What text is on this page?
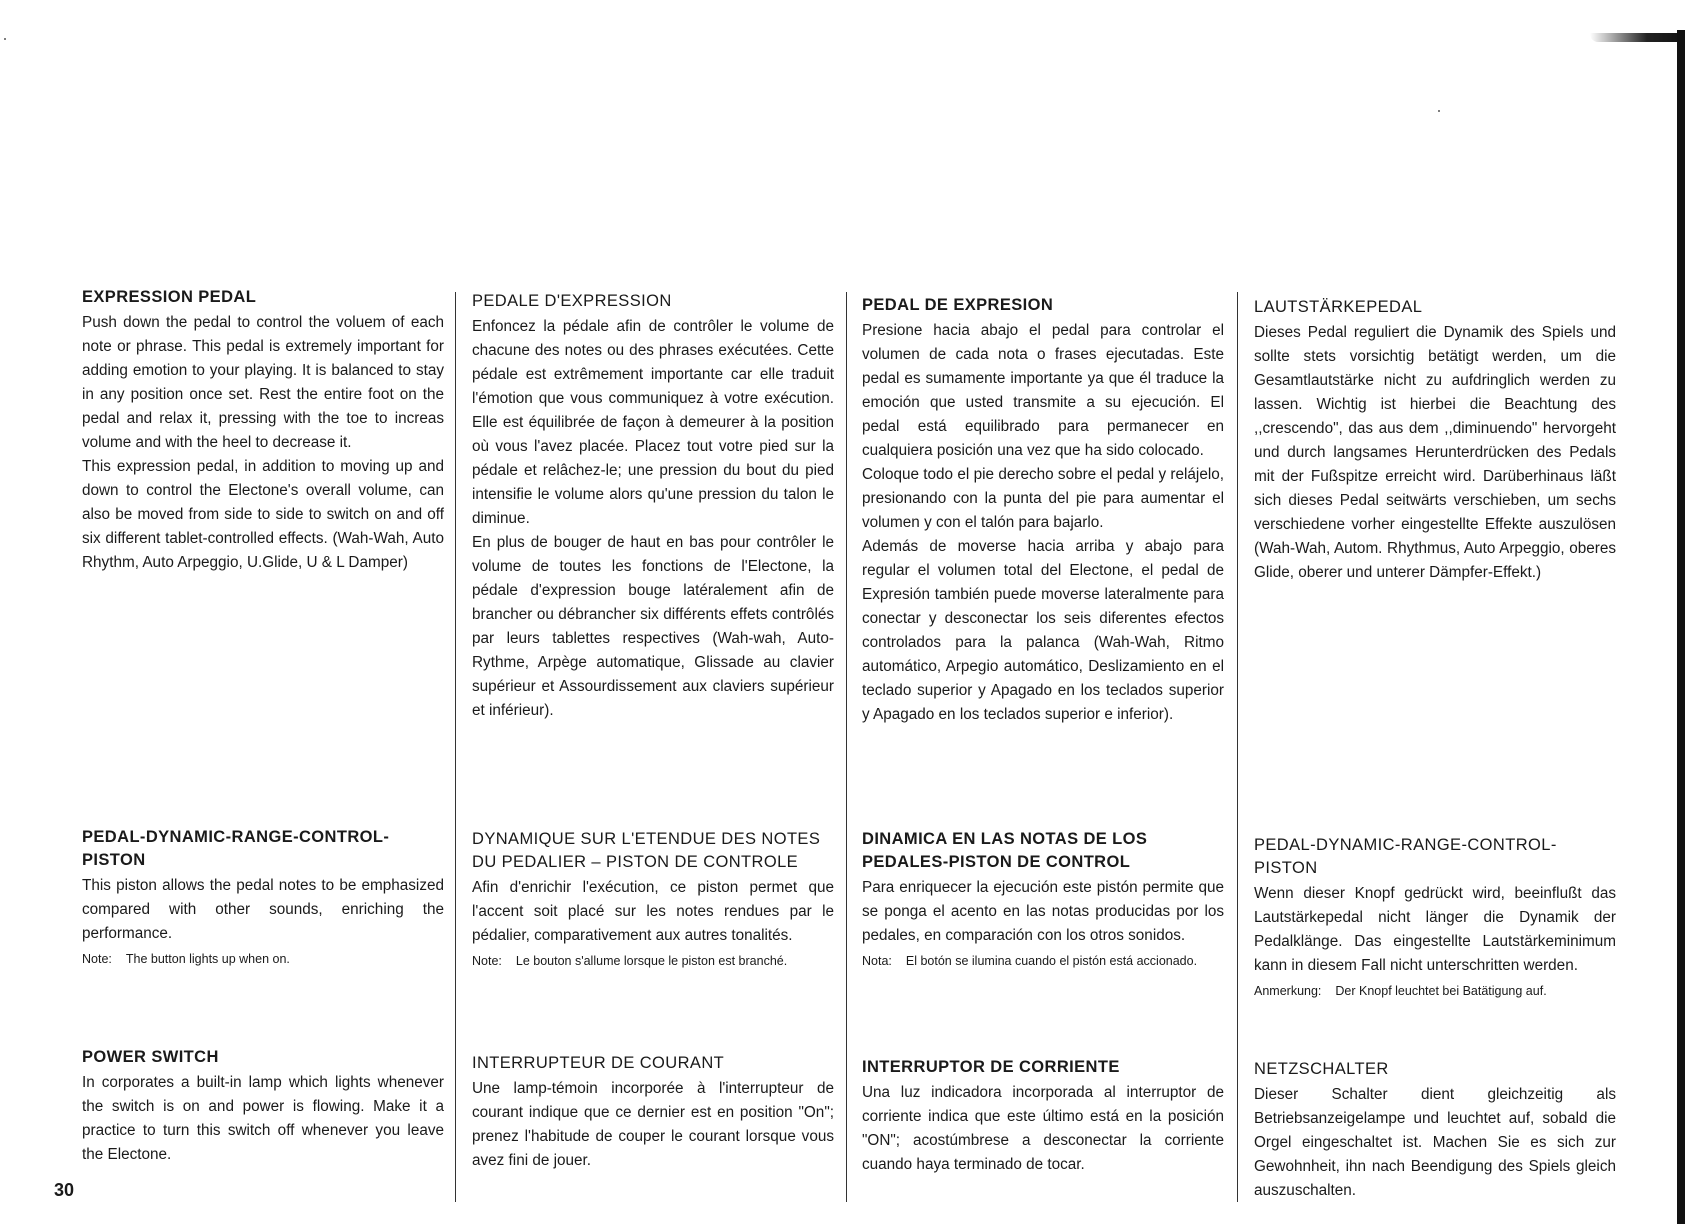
EXPRESSION PEDAL

Push down the pedal to control the voluem of each note or phrase. This pedal is extremely important for adding emotion to your playing. It is balanced to stay in any position once set. Rest the entire foot on the pedal and relax it, pressing with the toe to increas volume and with the heel to decrease it.

This expression pedal, in addition to moving up and down to control the Electone's overall volume, can also be moved from side to side to switch on and off six different tablet-controlled effects. (Wah-Wah, Auto Rhythm, Auto Arpeggio, U.Glide, U & L Damper)

PEDAL-DYNAMIC-RANGE-CONTROL-PISTON

This piston allows the pedal notes to be emphasized compared with other sounds, enriching the performance.

Note: The button lights up when on.
POWER SWITCH

In corporates a built-in lamp which lights whenever the switch is on and power is flowing. Make it a practice to turn this switch off whenever you leave the Electone.

PEDALE D'EXPRESSION

Enfoncez la pédale afin de contrôler le volume de chacune des notes ou des phrases exécutées. Cette pédale est extrêmement importante car elle traduit l'émotion que vous communiquez à votre exécution. Elle est équilibrée de façon à demeurer à la position où vous l'avez placée. Placez tout votre pied sur la pédale et relâchez-le; une pression du bout du pied intensifie le volume alors qu'une pression du talon le diminue.

En plus de bouger de haut en bas pour contrôler le volume de toutes les fonctions de l'Electone, la pédale d'expression bouge latéralement afin de brancher ou débrancher six différents effets contrôlés par leurs tablettes respectives (Wah-wah, Auto-Rythme, Arpège automatique, Glissade au clavier supérieur et Assourdissement aux claviers supérieur et inférieur).

DYNAMIQUE SUR L'ETENDUE DES NOTES DU PEDALIER – PISTON DE CONTROLE

Afin d'enrichir l'exécution, ce piston permet que l'accent soit placé sur les notes rendues par le pédalier, comparativement aux autres tonalités.

Note: Le bouton s'allume lorsque le piston est branché.
INTERRUPTEUR DE COURANT

Une lamp-témoin incorporée à l'interrupteur de courant indique que ce dernier est en position "On"; prenez l'habitude de couper le courant lorsque vous avez fini de jouer.

PEDAL DE EXPRESION

Presione hacia abajo el pedal para controlar el volumen de cada nota o frases ejecutadas. Este pedal es sumamente importante ya que él traduce la emoción que usted transmite a su ejecución. El pedal está equilibrado para permanecer en cualquiera posición una vez que ha sido colocado.

Coloque todo el pie derecho sobre el pedal y relájelo, presionando con la punta del pie para aumentar el volumen y con el talón para bajarlo.

Además de moverse hacia arriba y abajo para regular el volumen total del Electone, el pedal de Expresión también puede moverse lateralmente para conectar y desconectar los seis diferentes efectos controlados para la palanca (Wah-Wah, Ritmo automático, Arpegio automático, Deslizamiento en el teclado superior y Apagado en los teclados superior y Apagado en los teclados superior e inferior).

DINAMICA EN LAS NOTAS DE LOS PEDALES-PISTON DE CONTROL

Para enriquecer la ejecución este pistón permite que se ponga el acento en las notas producidas por los pedales, en comparación con los otros sonidos.

Nota: El botón se ilumina cuando el pistón está accionado.
INTERRUPTOR DE CORRIENTE

Una luz indicadora incorporada al interruptor de corriente indica que este último está en la posición "ON"; acostúmbrese a desconectar la corriente cuando haya terminado de tocar.

LAUTSTÄRKEPEDAL

Dieses Pedal reguliert die Dynamik des Spiels und sollte stets vorsichtig betätigt werden, um die Gesamtlautstärke nicht zu aufdringlich werden zu lassen. Wichtig ist hierbei die Beachtung des ,,crescendo", das aus dem ,,diminuendo" hervorgeht und durch langsames Herunterdrücken des Pedals mit der Fußspitze erreicht wird. Darüberhinaus läßt sich dieses Pedal seitwärts verschieben, um sechs verschiedene vorher eingestellte Effekte auszulösen (Wah-Wah, Autom. Rhythmus, Auto Arpeggio, oberes Glide, oberer und unterer Dämpfer-Effekt.)

PEDAL-DYNAMIC-RANGE-CONTROL-PISTON

Wenn dieser Knopf gedrückt wird, beeinflußt das Lautstärkepedal nicht länger die Dynamik der Pedalklänge. Das eingestellte Lautstärkeminimum kann in diesem Fall nicht unterschritten werden.

Anmerkung: Der Knopf leuchtet bei Batätigung auf.
NETZSCHALTER

Dieser Schalter dient gleichzeitig als Betriebsanzeigelampe und leuchtet auf, sobald die Orgel eingeschaltet ist. Machen Sie es sich zur Gewohnheit, ihn nach Beendigung des Spiels gleich auszuschalten.

30
